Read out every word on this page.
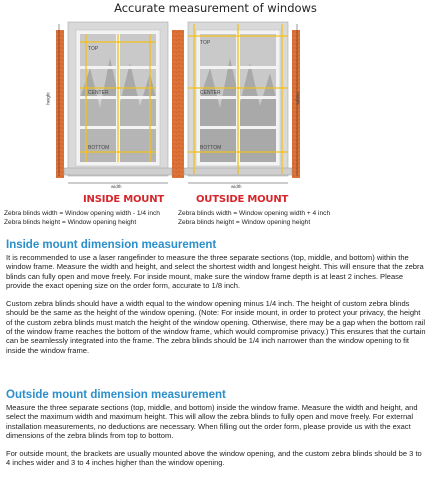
Accurate measurement of windows
TOP
CENTER
BOTTOM
height
width
INSIDE MOUNT
TOP
CENTER
BOTTOM
height
width
OUTSIDE MOUNT
Zebra blinds width = Window opening width - 1/4 inch
Zebra blinds height = Window opening height
Zebra blinds width = Window opening width + 4 inch
Zebra blinds height = Window opening height
Inside mount dimension measurement

It is recommended to use a laser rangefinder to measure the three separate sections (top, middle, and bottom) within the window frame. Measure the width and height, and select the shortest width and longest height. This will ensure that the zebra blinds can fully open and move freely. For inside mount, make sure the window frame depth is at least 2 inches. Please provide the exact opening size on the order form, accurate to 1/8 inch.

Custom zebra blinds should have a width equal to the window opening minus 1/4 inch. The height of custom zebra blinds should be the same as the height of the window opening. (Note: For inside mount, in order to protect your privacy, the height of the custom zebra blinds must match the height of the window opening. Otherwise, there may be a gap when the bottom rail of the window frame reaches the bottom of the window frame, which would compromise privacy.) This ensures that the curtain can be seamlessly integrated into the frame. The zebra blinds should be 1/4 inch narrower than the window opening to fit inside the window frame.

Outside mount dimension measurement

Measure the three separate sections (top, middle, and bottom) inside the window frame. Measure the width and height, and select the maximum width and maximum height. This will allow the zebra blinds to fully open and move freely. For external installation measurements, no deductions are necessary. When filling out the order form, please provide us with the exact dimensions of the zebra blinds from top to bottom.

For outside mount, the brackets are usually mounted above the window opening, and the custom zebra blinds should be 3 to 4 inches wider and 3 to 4 inches higher than the window opening.
